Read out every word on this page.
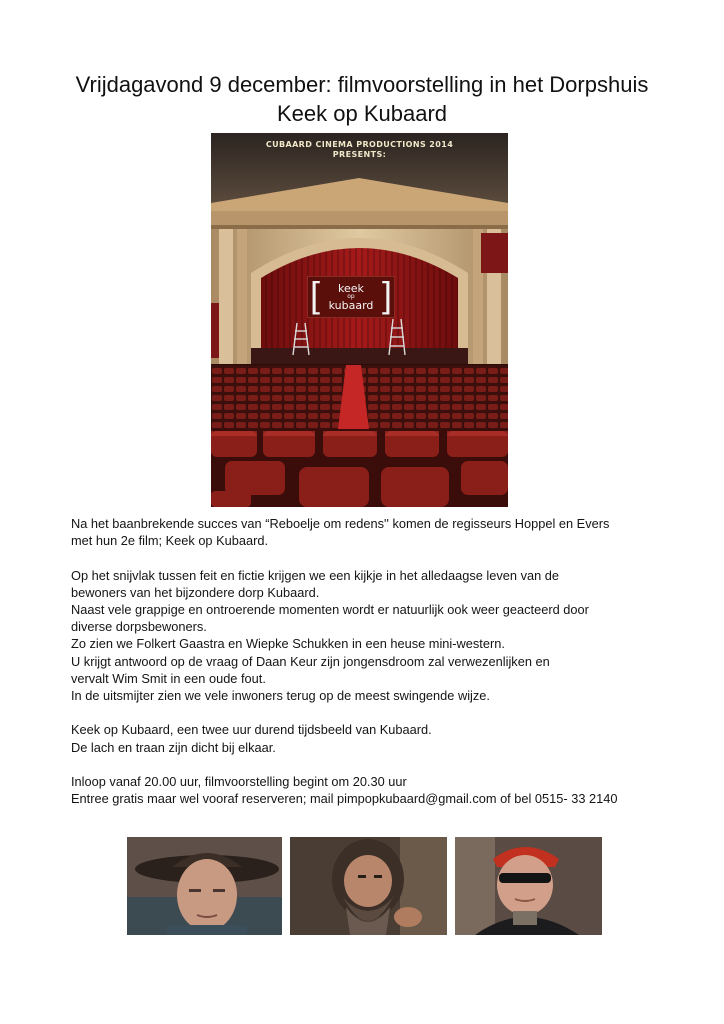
Vrijdagavond 9 december: filmvoorstelling in het Dorpshuis
Keek op Kubaard
CUBAARD CINEMA PRODUCTIONS 2014
PRESENTS:
[	keek
op
kubaard ]

Na het baanbrekende succes van “Reboelje om redens'' komen de regisseurs Hoppel en Evers

met hun 2e film; Keek op Kubaard.

Op het snijvlak tussen feit en fictie krijgen we een kijkje in het alledaagse leven van de

bewoners van het bijzondere dorp Kubaard.

Naast vele grappige en ontroerende momenten wordt er natuurlijk ook weer geacteerd door

diverse dorpsbewoners.

Zo zien we Folkert Gaastra en Wiepke Schukken in een heuse mini-western.

U krijgt antwoord op de vraag of Daan Keur zijn jongensdroom zal verwezenlijken en

vervalt Wim Smit in een oude fout.

In de uitsmijter zien we vele inwoners terug op de meest swingende wijze.

Keek op Kubaard, een twee uur durend tijdsbeeld van Kubaard.

De lach en traan zijn dicht bij elkaar.

Inloop vanaf 20.00 uur, filmvoorstelling begint om 20.30 uur

Entree gratis maar wel vooraf reserveren; mail pimpopkubaard@gmail.com of bel 0515- 33 2140
